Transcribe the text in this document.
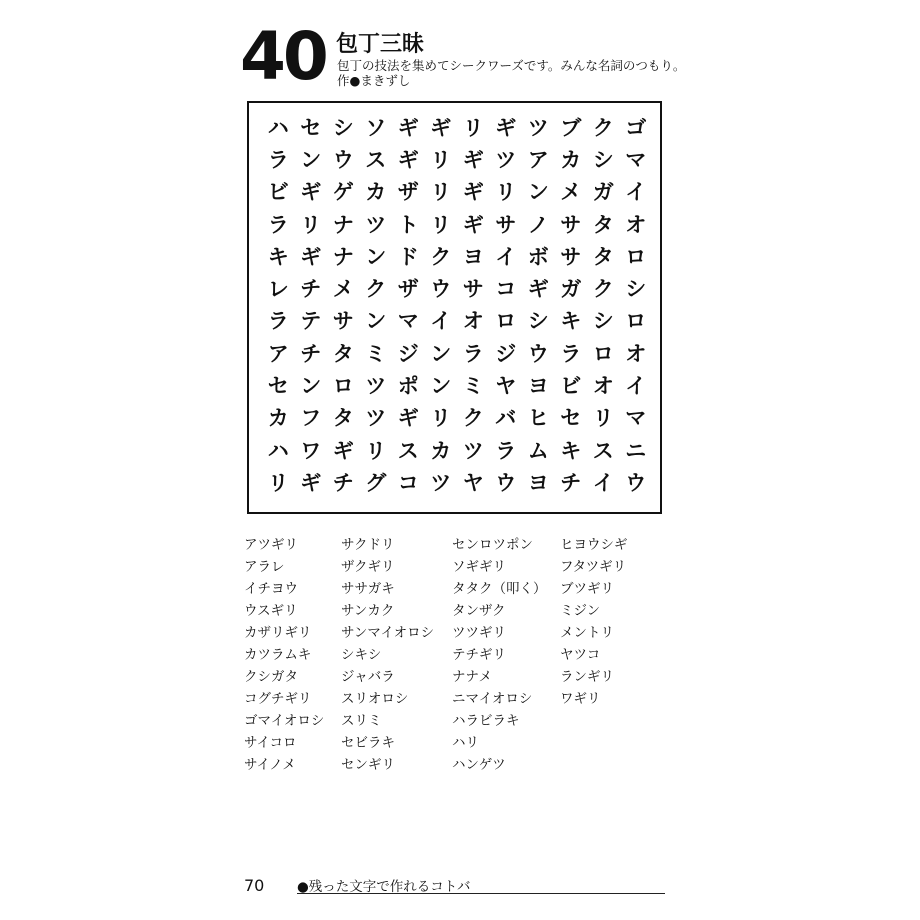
40 包丁三昧
包丁の技法を集めてシークワーズです。みんな名詞のつもり。
作●まきずし
ハ セ シ ソ ギ ギ リ ギ ツ ブ ク ゴ
ラ ン ウ ス ギ リ ギ ツ ア カ シ マ
ビ ギ ゲ カ ザ リ ギ リ ン メ ガ イ
ラ リ ナ ツ ト リ ギ サ ノ サ タ オ
キ ギ ナ ン ド ク ヨ イ ボ サ タ ロ
レ チ メ ク ザ ウ サ コ ギ ガ ク シ
ラ テ サ ン マ イ オ ロ シ キ シ ロ
ア チ タ ミ ジ ン ラ ジ ウ ラ ロ オ
セ ン ロ ツ ポ ン ミ ヤ ヨ ビ オ イ
カ フ タ ツ ギ リ ク バ ヒ セ リ マ
ハ ワ ギ リ ス カ ツ ラ ム キ ス ニ
リ ギ チ グ コ ツ ヤ ウ ヨ チ イ ウ
アツギリ
アラレ
イチヨウ
ウスギリ
カザリギリ
カツラムキ
クシガタ
コグチギリ
ゴマイオロシ
サイコロ
サイノメ
サクドリ
ザクギリ
ササガキ
サンカク
サンマイオロシ
シキシ
ジャバラ
スリオロシ
スリミ
セビラキ
センギリ
センロツポン
ソギギリ
タタク（叩く）
タンザク
ツツギリ
テチギリ
ナナメ
ニマイオロシ
ハラビラキ
ハリ
ハンゲツ
ヒヨウシギ
フタツギリ
ブツギリ
ミジン
メントリ
ヤツコ
ランギリ
ワギリ
70 ●残った文字で作れるコトバ
